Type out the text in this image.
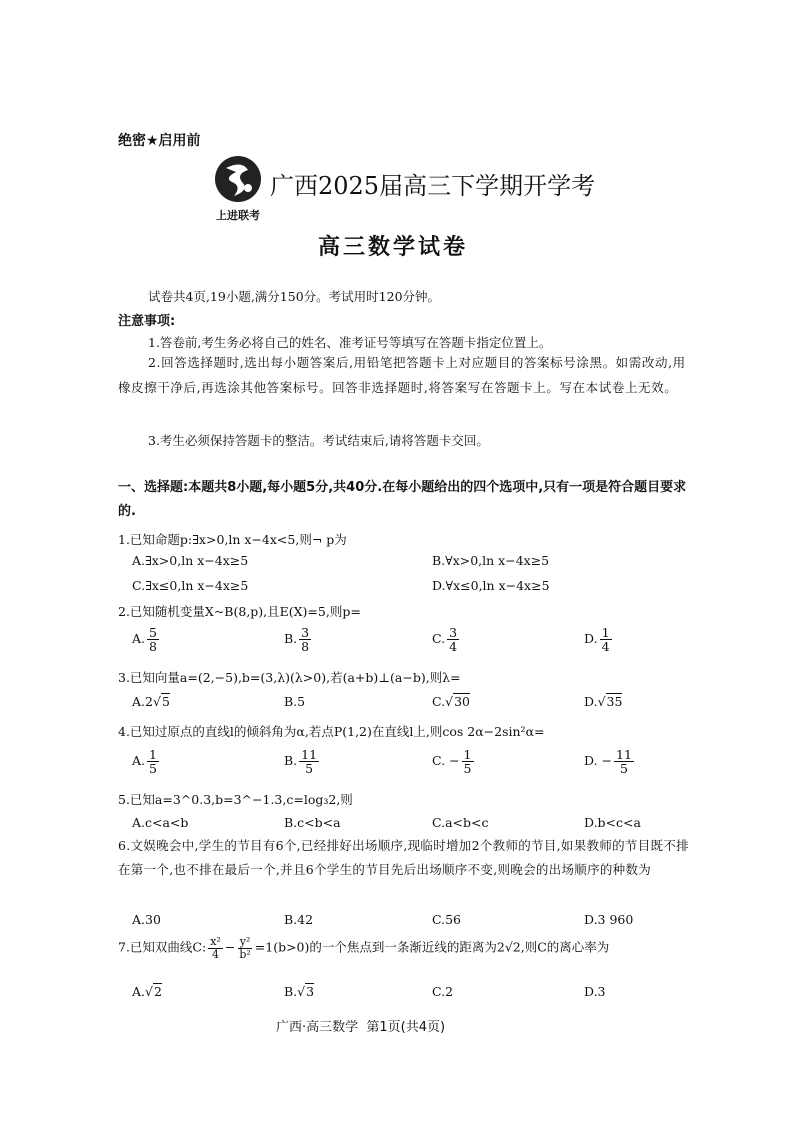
绝密★启用前
上进联考
广西2025届高三下学期开学考
高三数学试卷
试卷共4页,19小题,满分150分。考试用时120分钟。
注意事项:
1.答卷前,考生务必将自己的姓名、准考证号等填写在答题卡指定位置上。
2.回答选择题时,选出每小题答案后,用铅笔把答题卡上对应题目的答案标号涂黑。如需改动,用橡皮擦干净后,再选涂其他答案标号。回答非选择题时,将答案写在答题卡上。写在本试卷上无效。
3.考生必须保持答题卡的整洁。考试结束后,请将答题卡交回。
一、选择题:本题共8小题,每小题5分,共40分.在每小题给出的四个选项中,只有一项是符合题目要求的.
1.已知命题p:∃x>0,ln x−4x<5,则¬ p为
A.∃x>0,ln x−4x≥5	B.∀x>0,ln x−4x≥5
C.∃x≤0,ln x−4x≥5	D.∀x≤0,ln x−4x≥5
2.已知随机变量X~B(8,p),且E(X)=5,则p=
A. $\frac{5}{8}$	B. $\frac{3}{8}$	C. $\frac{3}{4}$	D. $\frac{1}{4}$
3.已知向量a=(2,−5),b=(3,λ)(λ>0),若(a+b)⊥(a−b),则λ=
A.2√5	B.5	C.√30	D.√35
4.已知过原点的直线l的倾斜角为α,若点P(1,2)在直线l上,则cos 2α−2sin²α=
A. $\frac{1}{5}$	B. $\frac{11}{5}$	C. − $\frac{1}{5}$	D. − $\frac{11}{5}$
5.已知a=3^0.3,b=3^−1.3,c=log₃2,则
A.c<a<b	B.c<b<a	C.a<b<c	D.b<c<a
6.文娱晚会中,学生的节目有6个,已经排好出场顺序,现临时增加2个教师的节目,如果教师的节目既不排在第一个,也不排在最后一个,并且6个学生的节目先后出场顺序不变,则晚会的出场顺序的种数为
A.30	B.42	C.56	D.3 960
7.已知双曲线C: $\frac{\text{x²}}{4} - \frac{\text{y²}}{\text{b²}} =1(b>0)$的一个焦点到一条渐近线的距离为2√2,则C的离心率为
A.√2	B.√3	C.2	D.3
广西·高三数学  第1页(共4页)
